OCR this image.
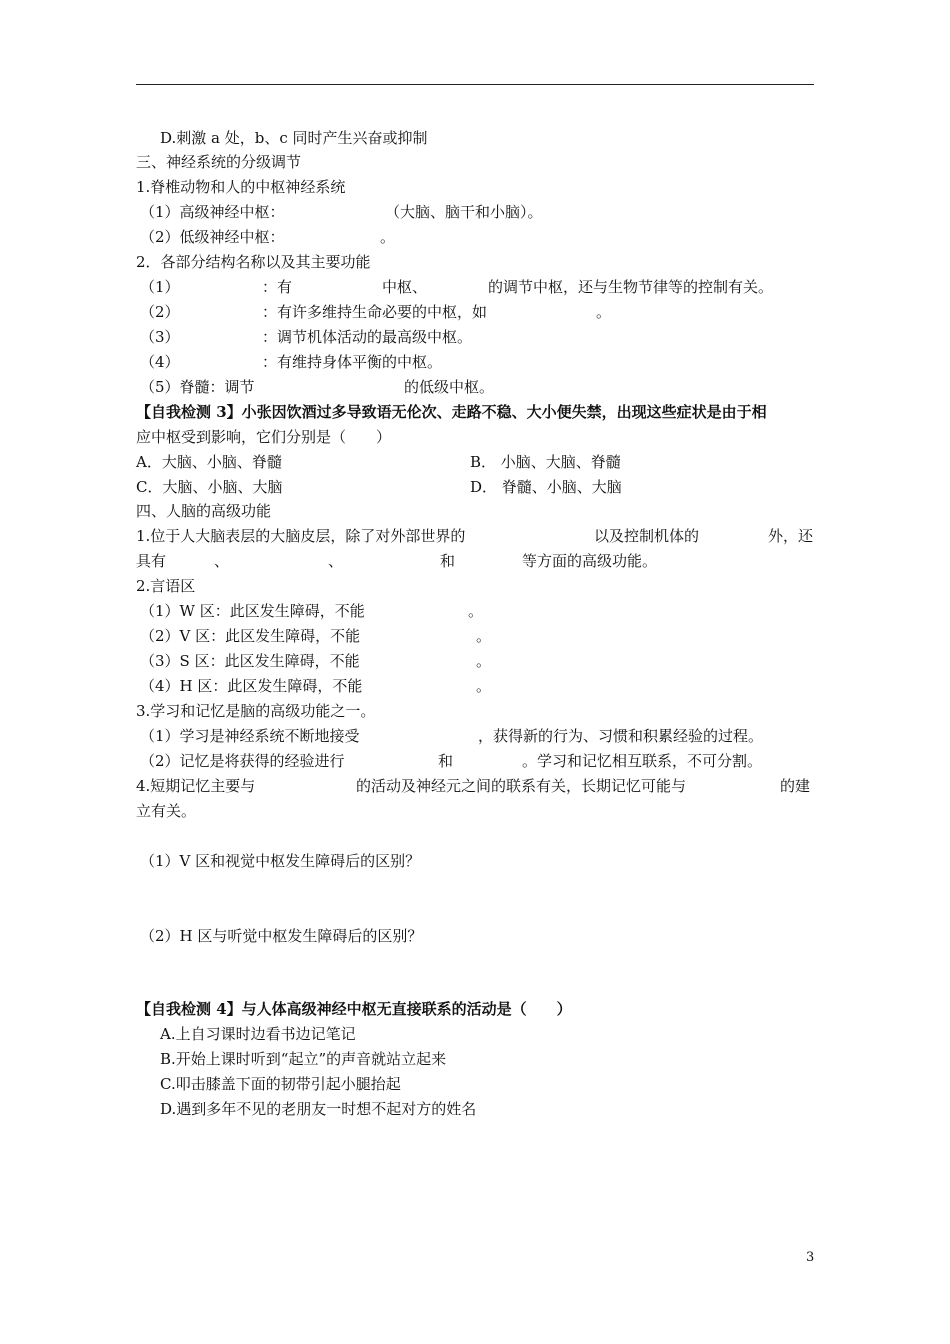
D.刺激 a 处，b、c 同时产生兴奋或抑制
三、神经系统的分级调节
1.脊椎动物和人的中枢神经系统
（1）高级神经中枢：	（大脑、脑干和小脑）。
（2）低级神经中枢：	。
2．各部分结构名称以及其主要功能
（1）	：有	中枢、	的调节中枢，还与生物节律等的控制有关。
（2）	：有许多维持生命必要的中枢，如	。
（3）	：调节机体活动的最高级中枢。
（4）	：有维持身体平衡的中枢。
（5）脊髓：调节	的低级中枢。
【自我检测 3】小张因饮酒过多导致语无伦次、走路不稳、大小便失禁，出现这些症状是由于相
应中枢受到影响，它们分别是（　　）
A．大脑、小脑、脊髓	B． 小脑、大脑、脊髓
C．大脑、小脑、大脑	D． 脊髓、小脑、大脑
四、人脑的高级功能
1.位于人大脑表层的大脑皮层，除了对外部世界的	以及控制机体的	外，还
具有	、	、	和	等方面的高级功能。
2.言语区
（1）W 区：此区发生障碍，不能	。
（2）V 区：此区发生障碍，不能	。
（3）S 区：此区发生障碍，不能	。
（4）H 区：此区发生障碍，不能	。
3.学习和记忆是脑的高级功能之一。
（1）学习是神经系统不断地接受	，获得新的行为、习惯和积累经验的过程。
（2）记忆是将获得的经验进行	和	。学习和记忆相互联系，不可分割。
4.短期记忆主要与	的活动及神经元之间的联系有关，长期记忆可能与	的建
立有关。
（1）V 区和视觉中枢发生障碍后的区别？
（2）H 区与听觉中枢发生障碍后的区别？
【自我检测 4】与人体高级神经中枢无直接联系的活动是（　　）
A.上自习课时边看书边记笔记
B.开始上课时听到“起立”的声音就站立起来
C.叩击膝盖下面的韧带引起小腿抬起
D.遇到多年不见的老朋友一时想不起对方的姓名
3
